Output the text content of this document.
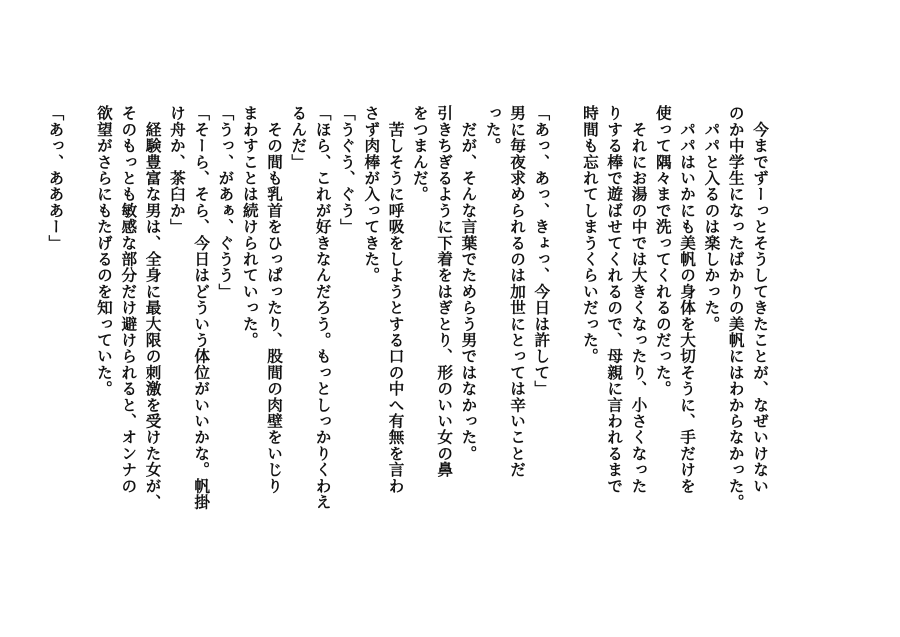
　今までずーっとそうしてきたことが、なぜいけない
のか中学生になったばかりの美帆にはわからなかった。
　パパと入るのは楽しかった。
　パパはいかにも美帆の身体を大切そうに、手だけを
使って隅々まで洗ってくれるのだった。
　それにお湯の中では大きくなったり、小さくなった
りする棒で遊ばせてくれるので、母親に言われるまで
時間も忘れてしまうくらいだった。

「あっ、あっ、きょっ、今日は許して」
男に毎夜求められるのは加世にとっては辛いことだ
った。
　だが、そんな言葉でためらう男ではなかった。
引きちぎるように下着をはぎとり、形のいい女の鼻
をつまんだ。
　苦しそうに呼吸をしようとする口の中へ有無を言わ
さず肉棒が入ってきた。
「うぐう、ぐう」
「ほら、これが好きなんだろう。もっとしっかりくわえ
るんだ」
　その間も乳首をひっぱったり、股間の肉壁をいじり
まわすことは続けられていった。
「うっ、があぁ、ぐうう」
「そーら、そら、今日はどういう体位がいいかな。帆掛
け舟か、茶臼か」
　経験豊富な男は、全身に最大限の刺激を受けた女が、
そのもっとも敏感な部分だけ避けられると、オンナの
欲望がさらにもたげるのを知っていた。

「あっ、あああー」
